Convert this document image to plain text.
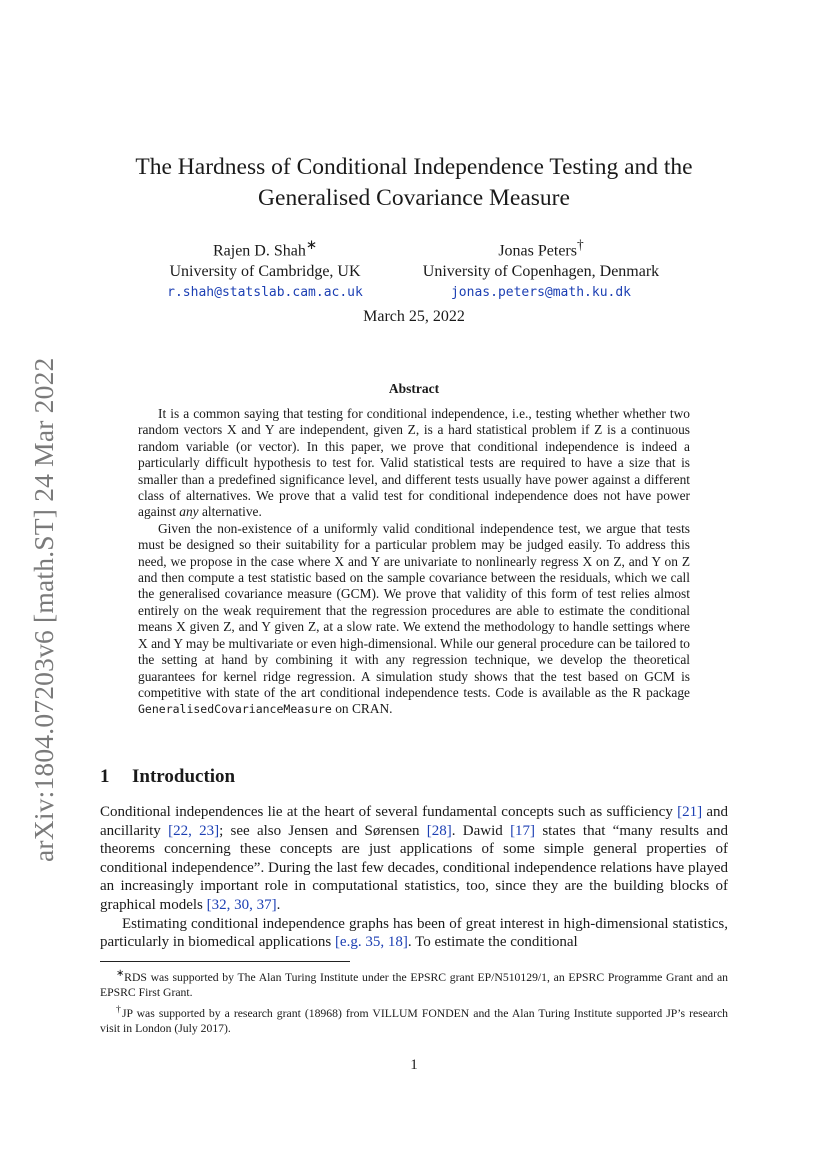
arXiv:1804.07203v6 [math.ST] 24 Mar 2022
The Hardness of Conditional Independence Testing and the
Generalised Covariance Measure
Rajen D. Shah∗
University of Cambridge, UK
r.shah@statslab.cam.ac.uk
Jonas Peters†
University of Copenhagen, Denmark
jonas.peters@math.ku.dk
March 25, 2022
Abstract

It is a common saying that testing for conditional independence, i.e., testing whether whether two random vectors X and Y are independent, given Z, is a hard statistical problem if Z is a continuous random variable (or vector). In this paper, we prove that conditional independence is indeed a particularly difficult hypothesis to test for. Valid statistical tests are required to have a size that is smaller than a predefined significance level, and different tests usually have power against a different class of alternatives. We prove that a valid test for conditional independence does not have power against any alternative.

Given the non-existence of a uniformly valid conditional independence test, we argue that tests must be designed so their suitability for a particular problem may be judged easily. To address this need, we propose in the case where X and Y are univariate to nonlinearly regress X on Z, and Y on Z and then compute a test statistic based on the sample covariance between the residuals, which we call the generalised covariance measure (GCM). We prove that validity of this form of test relies almost entirely on the weak requirement that the regression procedures are able to estimate the conditional means X given Z, and Y given Z, at a slow rate. We extend the methodology to handle settings where X and Y may be multivariate or even high-dimensional. While our general procedure can be tailored to the setting at hand by combining it with any regression technique, we develop the theoretical guarantees for kernel ridge regression. A simulation study shows that the test based on GCM is competitive with state of the art conditional independence tests. Code is available as the R package GeneralisedCovarianceMeasure on CRAN.

1 Introduction

Conditional independences lie at the heart of several fundamental concepts such as sufficiency [21] and ancillarity [22, 23]; see also Jensen and Sørensen [28]. Dawid [17] states that “many results and theorems concerning these concepts are just applications of some simple general properties of conditional independence”. During the last few decades, conditional independence relations have played an increasingly important role in computational statistics, too, since they are the building blocks of graphical models [32, 30, 37].

Estimating conditional independence graphs has been of great interest in high-dimensional statistics, particularly in biomedical applications [e.g. 35, 18]. To estimate the conditional

∗RDS was supported by The Alan Turing Institute under the EPSRC grant EP/N510129/1, an EPSRC Programme Grant and an EPSRC First Grant.

†JP was supported by a research grant (18968) from VILLUM FONDEN and the Alan Turing Institute supported JP’s research visit in London (July 2017).

1
